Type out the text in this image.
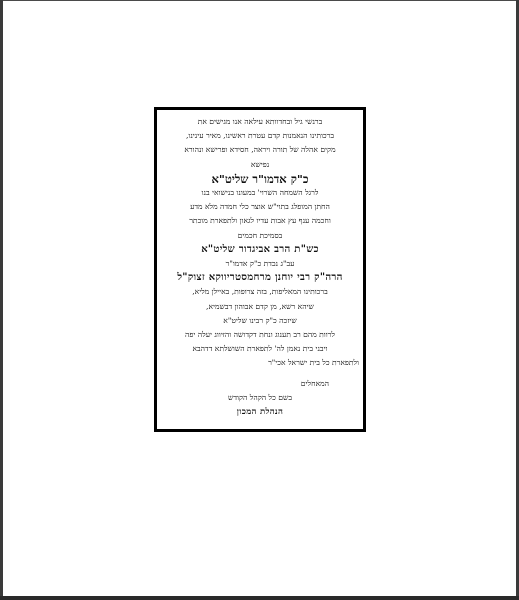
ברנשי גיל ובחדוותא עילאה אנו מגישים את
ברכותינו הנאמנות קדם עטרת ראשינו, מאיר עינינו,
מקים אהלה של תורה ויראה, חסידא ופרישא ונהורא
נפישא
כ"ק אדמו"ר שליט"א
לרגל השמחה השרוי' במעונו בנישואי בנו
החתן המופלג בתוי"ש אוצר כלי חמדה מלא מדע
וחכמה ענף עץ אבות עדיו לגאון ולתפארת מוכתר
בסמיכת חכמים
כש"ת הרב אביגדור שליט"א
עב"ג נכדת כ"ק אדמו"ר
הרה"ק רבי יוחנן מרחמסטריווקא זצוק"ל
ברכותינו המאליפות, בזה צרופות, באיילן מליא,
שיהא רשא, מן קדם אבוהון דבשמיא,
שיזכה כ"ק רבינו שליט"א
לרוות מהם רב תענוג ונחת דקדושה והזיווג יעלה יפה
ויבני בית נאמן לה' לתפארת השושלתא דדהבא
ולתפארת כל בית ישראל אכי"ר
המאחלים
בשם כל הקהל הקודש
הנהלת המכון
